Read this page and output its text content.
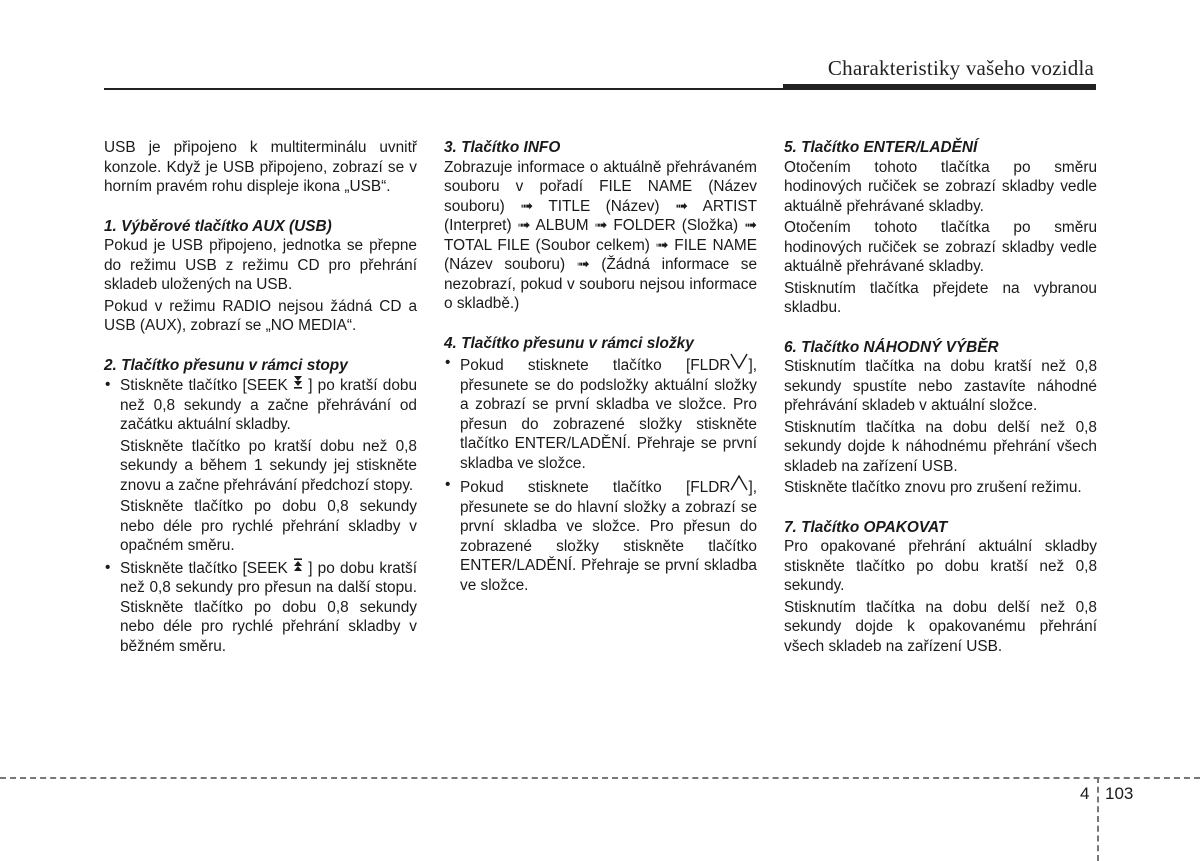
Charakteristiky vašeho vozidla

USB je připojeno k multiterminálu uvnitř konzole. Když je USB připojeno, zobrazí se v horním pravém rohu displeje ikona „USB“.

1. Výběrové tlačítko AUX (USB)

Pokud je USB připojeno, jednotka se přepne do režimu USB z režimu CD pro přehrání skladeb uložených na USB.

Pokud v režimu RADIO nejsou žádná CD a USB (AUX), zobrazí se „NO MEDIA“.

2. Tlačítko přesunu v rámci stopy

• Stiskněte tlačítko [SEEK ] po kratší dobu než 0,8 sekundy a začne přehrávání od začátku aktuální skladby.

Stiskněte tlačítko po kratší dobu než 0,8 sekundy a během 1 sekundy jej stiskněte znovu a začne přehrávání předchozí stopy.

Stiskněte tlačítko po dobu 0,8 sekundy nebo déle pro rychlé přehrání skladby v opačném směru.

• Stiskněte tlačítko [SEEK ] po dobu kratší než 0,8 sekundy pro přesun na další stopu. Stiskněte tlačítko po dobu 0,8 sekundy nebo déle pro rychlé přehrání skladby v běžném směru.

3. Tlačítko INFO

Zobrazuje informace o aktuálně přehrávaném souboru v pořadí FILE NAME (Název souboru) ➟ TITLE (Název) ➟ ARTIST (Interpret) ➟ ALBUM ➟ FOLDER (Složka) ➟ TOTAL FILE (Soubor celkem) ➟ FILE NAME (Název souboru) ➟ (Žádná informace se nezobrazí, pokud v souboru nejsou informace o skladbě.)

4. Tlačítko přesunu v rámci složky

• Pokud stisknete tlačítko [FLDR ], přesunete se do podsložky aktuální složky a zobrazí se první skladba ve složce. Pro přesun do zobrazené složky stiskněte tlačítko ENTER/LADĚNÍ. Přehraje se první skladba ve složce.

• Pokud stisknete tlačítko [FLDR ], přesunete se do hlavní složky a zobrazí se první skladba ve složce. Pro přesun do zobrazené složky stiskněte tlačítko ENTER/LADĚNÍ. Přehraje se první skladba ve složce.

5. Tlačítko ENTER/LADĚNÍ

Otočením tohoto tlačítka po směru hodinových ručiček se zobrazí skladby vedle aktuálně přehrávané skladby.

Otočením tohoto tlačítka po směru hodinových ručiček se zobrazí skladby vedle aktuálně přehrávané skladby.

Stisknutím tlačítka přejdete na vybranou skladbu.

6. Tlačítko NÁHODNÝ VÝBĚR

Stisknutím tlačítka na dobu kratší než 0,8 sekundy spustíte nebo zastavíte náhodné přehrávání skladeb v aktuální složce.

Stisknutím tlačítka na dobu delší než 0,8 sekundy dojde k náhodnému přehrání všech skladeb na zařízení USB.

Stiskněte tlačítko znovu pro zrušení režimu.

7. Tlačítko OPAKOVAT

Pro opakované přehrání aktuální skladby stiskněte tlačítko po dobu kratší než 0,8 sekundy.

Stisknutím tlačítka na dobu delší než 0,8 sekundy dojde k opakovanému přehrání všech skladeb na zařízení USB.

4 103
